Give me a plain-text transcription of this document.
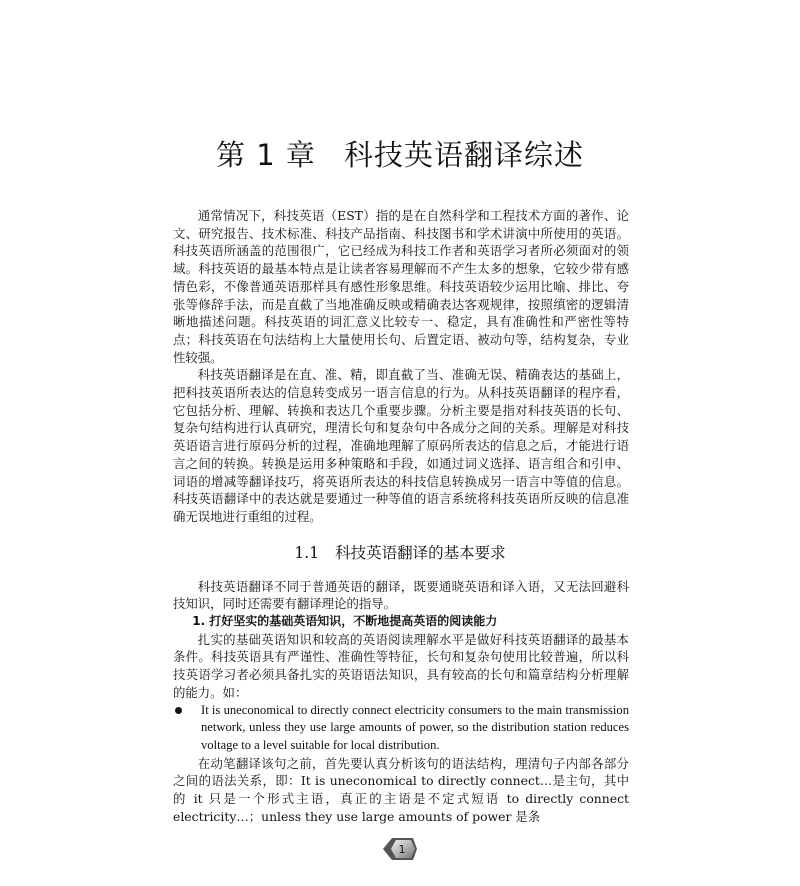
第 1 章 科技英语翻译综述

通常情况下，科技英语（EST）指的是在自然科学和工程技术方面的著作、论文、研究报告、技术标准、科技产品指南、科技图书和学术讲演中所使用的英语。科技英语所涵盖的范围很广，它已经成为科技工作者和英语学习者所必须面对的领域。科技英语的最基本特点是让读者容易理解而不产生太多的想象，它较少带有感情色彩，不像普通英语那样具有感性形象思维。科技英语较少运用比喻、排比、夸张等修辞手法，而是直截了当地准确反映或精确表达客观规律，按照缜密的逻辑清晰地描述问题。科技英语的词汇意义比较专一、稳定，具有准确性和严密性等特点；科技英语在句法结构上大量使用长句、后置定语、被动句等，结构复杂，专业性较强。

科技英语翻译是在直、准、精，即直截了当、准确无误、精确表达的基础上，把科技英语所表达的信息转变成另一语言信息的行为。从科技英语翻译的程序看，它包括分析、理解、转换和表达几个重要步骤。分析主要是指对科技英语的长句、复杂句结构进行认真研究，理清长句和复杂句中各成分之间的关系。理解是对科技英语语言进行原码分析的过程，准确地理解了原码所表达的信息之后，才能进行语言之间的转换。转换是运用多种策略和手段，如通过词义选择、语言组合和引申、词语的增减等翻译技巧，将英语所表达的科技信息转换成另一语言中等值的信息。科技英语翻译中的表达就是要通过一种等值的语言系统将科技英语所反映的信息准确无误地进行重组的过程。

1.1 科技英语翻译的基本要求

科技英语翻译不同于普通英语的翻译，既要通晓英语和译入语，又无法回避科技知识，同时还需要有翻译理论的指导。

1. 打好坚实的基础英语知识，不断地提高英语的阅读能力

扎实的基础英语知识和较高的英语阅读理解水平是做好科技英语翻译的最基本条件。科技英语具有严谨性、准确性等特征，长句和复杂句使用比较普遍，所以科技英语学习者必须具备扎实的英语语法知识，具有较高的长句和篇章结构分析理解的能力。如：

It is uneconomical to directly connect electricity consumers to the main transmission network, unless they use large amounts of power, so the distribution station reduces voltage to a level suitable for local distribution.

在动笔翻译该句之前，首先要认真分析该句的语法结构，理清句子内部各部分之间的语法关系，即：It is uneconomical to directly connect…是主句，其中的 it 只是一个形式主语，真正的主语是不定式短语 to directly connect electricity…；unless they use large amounts of power 是条

1
